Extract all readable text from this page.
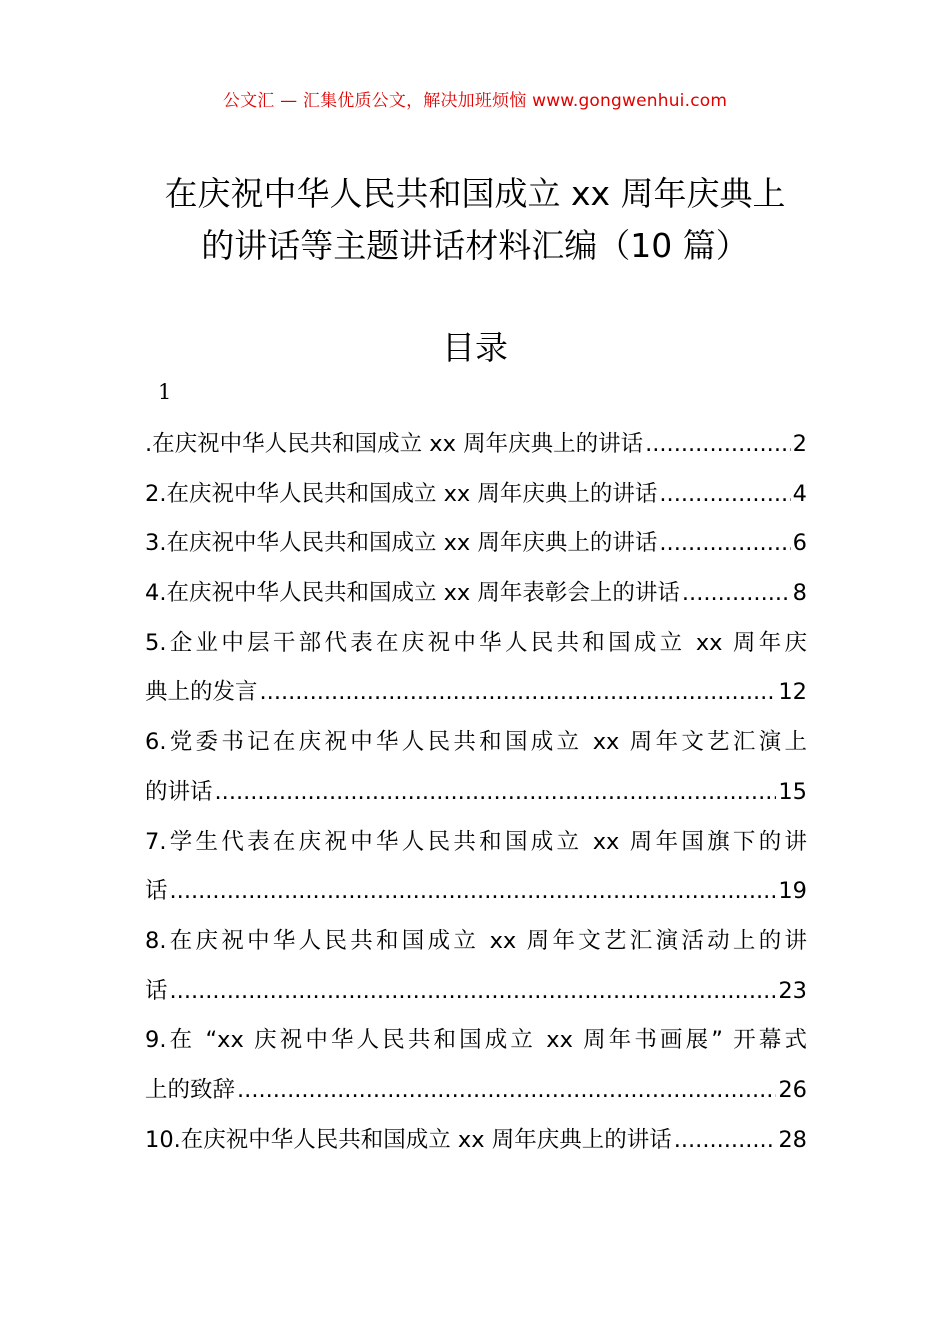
公文汇 — 汇集优质公文，解决加班烦恼 www.gongwenhui.com
在庆祝中华人民共和国成立 xx 周年庆典上
的讲话等主题讲话材料汇编（10 篇）
目录
1
.在庆祝中华人民共和国成立 xx 周年庆典上的讲话 .....	2
2.在庆祝中华人民共和国成立 xx 周年庆典上的讲话 .....	4
3.在庆祝中华人民共和国成立 xx 周年庆典上的讲话 .....	6
4.在庆祝中华人民共和国成立 xx 周年表彰会上的讲话 .....	8
5.企业中层干部代表在庆祝中华人民共和国成立 xx 周年庆
典上的发言 .....	12
6.党委书记在庆祝中华人民共和国成立 xx 周年文艺汇演上
的讲话 .....	15
7.学生代表在庆祝中华人民共和国成立 xx 周年国旗下的讲
话 .....	19
8.在庆祝中华人民共和国成立 xx 周年文艺汇演活动上的讲
话 .....	23
9.在 “xx 庆祝中华人民共和国成立 xx 周年书画展” 开幕式
上的致辞 .....	26
10.在庆祝中华人民共和国成立 xx 周年庆典上的讲话 .....	28
